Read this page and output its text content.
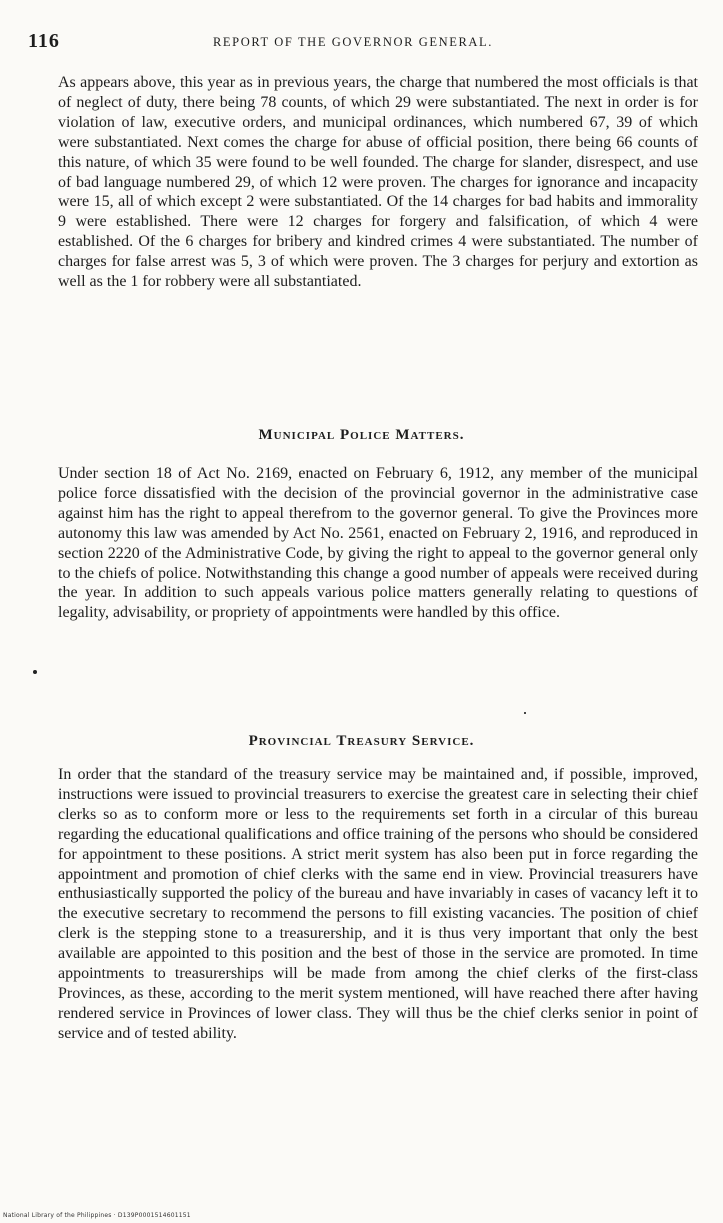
116	REPORT OF THE GOVERNOR GENERAL.

As appears above, this year as in previous years, the charge that numbered the most officials is that of neglect of duty, there being 78 counts, of which 29 were substantiated. The next in order is for violation of law, executive orders, and municipal ordinances, which numbered 67, 39 of which were substantiated. Next comes the charge for abuse of official position, there being 66 counts of this nature, of which 35 were found to be well founded. The charge for slander, disrespect, and use of bad language numbered 29, of which 12 were proven. The charges for ignorance and incapacity were 15, all of which except 2 were substantiated. Of the 14 charges for bad habits and immorality 9 were established. There were 12 charges for forgery and falsification, of which 4 were established. Of the 6 charges for bribery and kindred crimes 4 were substantiated. The number of charges for false arrest was 5, 3 of which were proven. The 3 charges for perjury and extortion as well as the 1 for robbery were all substantiated.

Municipal Police Matters.

Under section 18 of Act No. 2169, enacted on February 6, 1912, any member of the municipal police force dissatisfied with the decision of the provincial governor in the administrative case against him has the right to appeal therefrom to the governor general. To give the Provinces more autonomy this law was amended by Act No. 2561, enacted on February 2, 1916, and reproduced in section 2220 of the Administrative Code, by giving the right to appeal to the governor general only to the chiefs of police. Notwithstanding this change a good number of appeals were received during the year. In addition to such appeals various police matters generally relating to questions of legality, advisability, or propriety of appointments were handled by this office.

Provincial Treasury Service.

In order that the standard of the treasury service may be maintained and, if possible, improved, instructions were issued to provincial treasurers to exercise the greatest care in selecting their chief clerks so as to conform more or less to the requirements set forth in a circular of this bureau regarding the educational qualifications and office training of the persons who should be considered for appointment to these positions. A strict merit system has also been put in force regarding the appointment and promotion of chief clerks with the same end in view. Provincial treasurers have enthusiastically supported the policy of the bureau and have invariably in cases of vacancy left it to the executive secretary to recommend the persons to fill existing vacancies. The position of chief clerk is the stepping stone to a treasurership, and it is thus very important that only the best available are appointed to this position and the best of those in the service are promoted. In time appointments to treasurerships will be made from among the chief clerks of the first-class Provinces, as these, according to the merit system mentioned, will have reached there after having rendered service in Provinces of lower class. They will thus be the chief clerks senior in point of service and of tested ability.

National Library of the Philippines · D139P0001514601151
